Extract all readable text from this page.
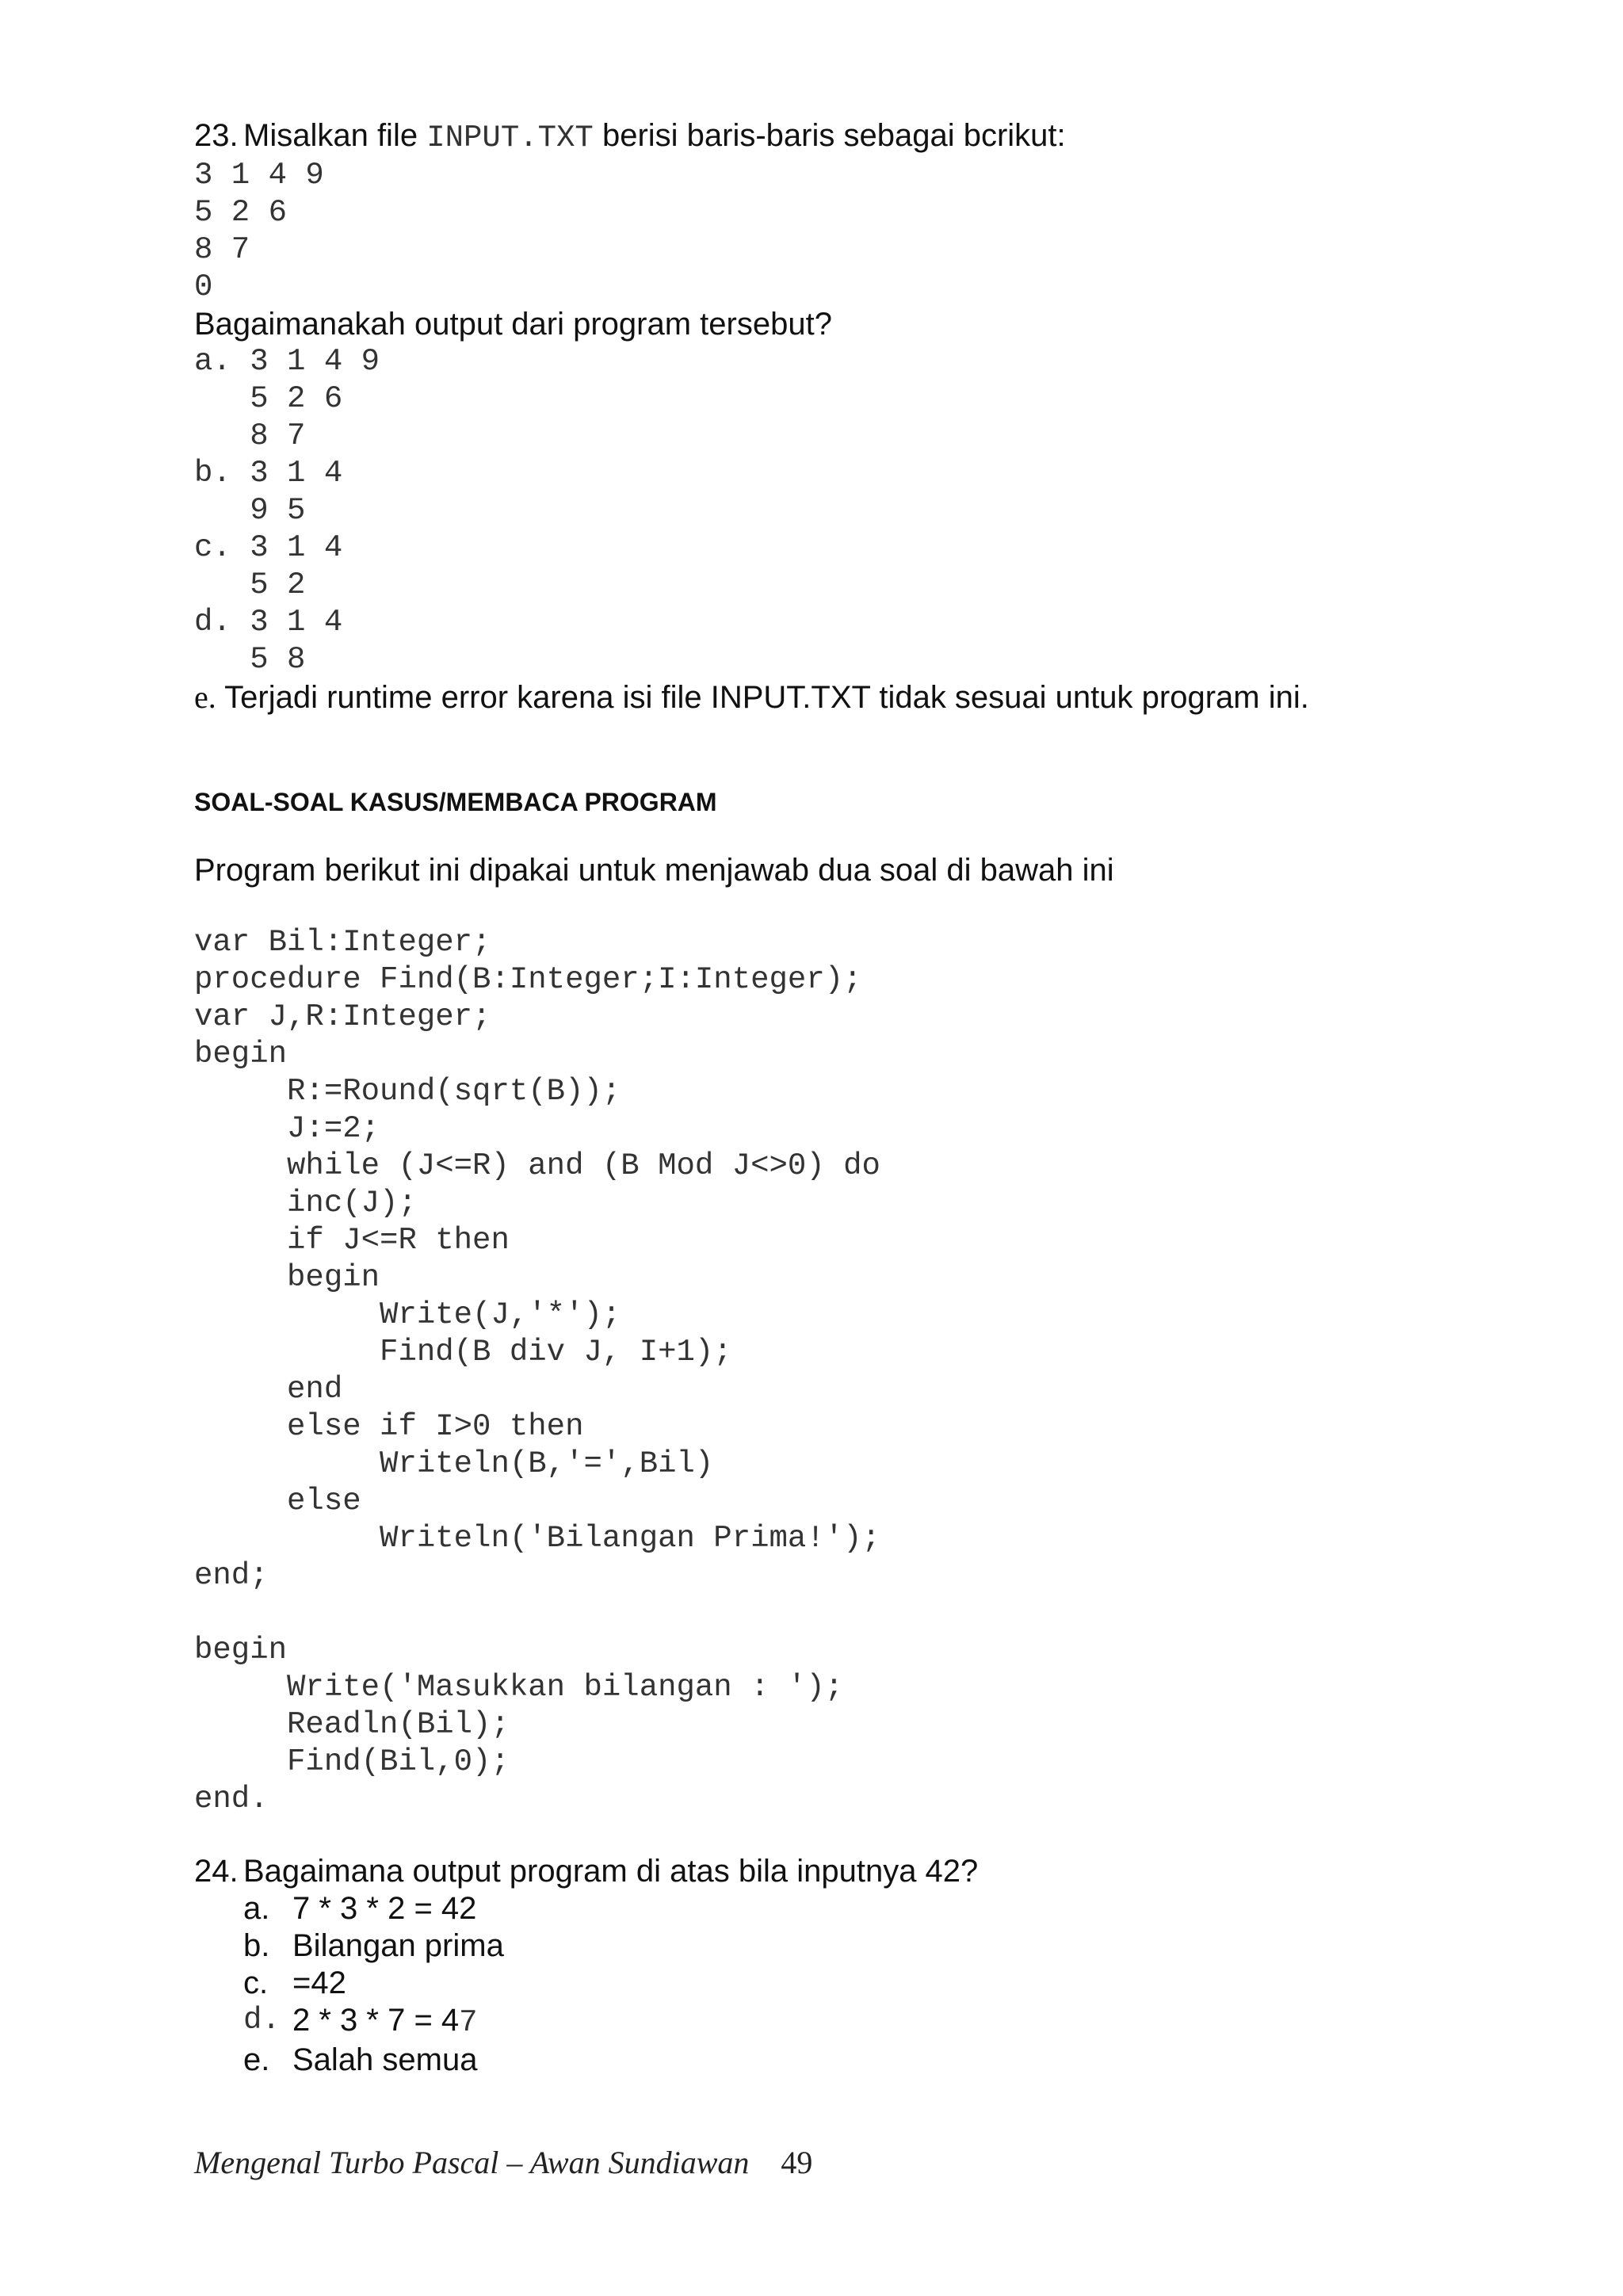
23. Misalkan file INPUT.TXT berisi baris-baris sebagai bcrikut:
3 1 4 9
5 2 6
8 7
0
Bagaimanakah output dari program tersebut?
a. 3 1 4 9
5 2 6
8 7
b. 3 1 4
9 5
c. 3 1 4
5 2
d. 3 1 4
5 8
e. Terjadi runtime error karena isi file INPUT.TXT tidak sesuai untuk program ini.
SOAL-SOAL KASUS/MEMBACA PROGRAM
Program berikut ini dipakai untuk menjawab dua soal di bawah ini
var Bil:Integer;
procedure Find(B:Integer;I:Integer);
var J,R:Integer;
begin
R:=Round(sqrt(B));
J:=2;
while (J<=R) and (B Mod J<>0) do
inc(J);
if J<=R then
begin
Write(J,'*');
Find(B div J, I+1);
end
else if I>0 then
Writeln(B,'=',Bil)
else
Writeln('Bilangan Prima!');
end;

begin
Write('Masukkan bilangan : ');
Readln(Bil);
Find(Bil,0);
end.
24. Bagaimana output program di atas bila inputnya 42?
a. 7 * 3 * 2 = 42
b. Bilangan prima
c. =42
d. 2 * 3 * 7 = 47
e. Salah semua
Mengenal Turbo Pascal – Awan Sundiawan 49
